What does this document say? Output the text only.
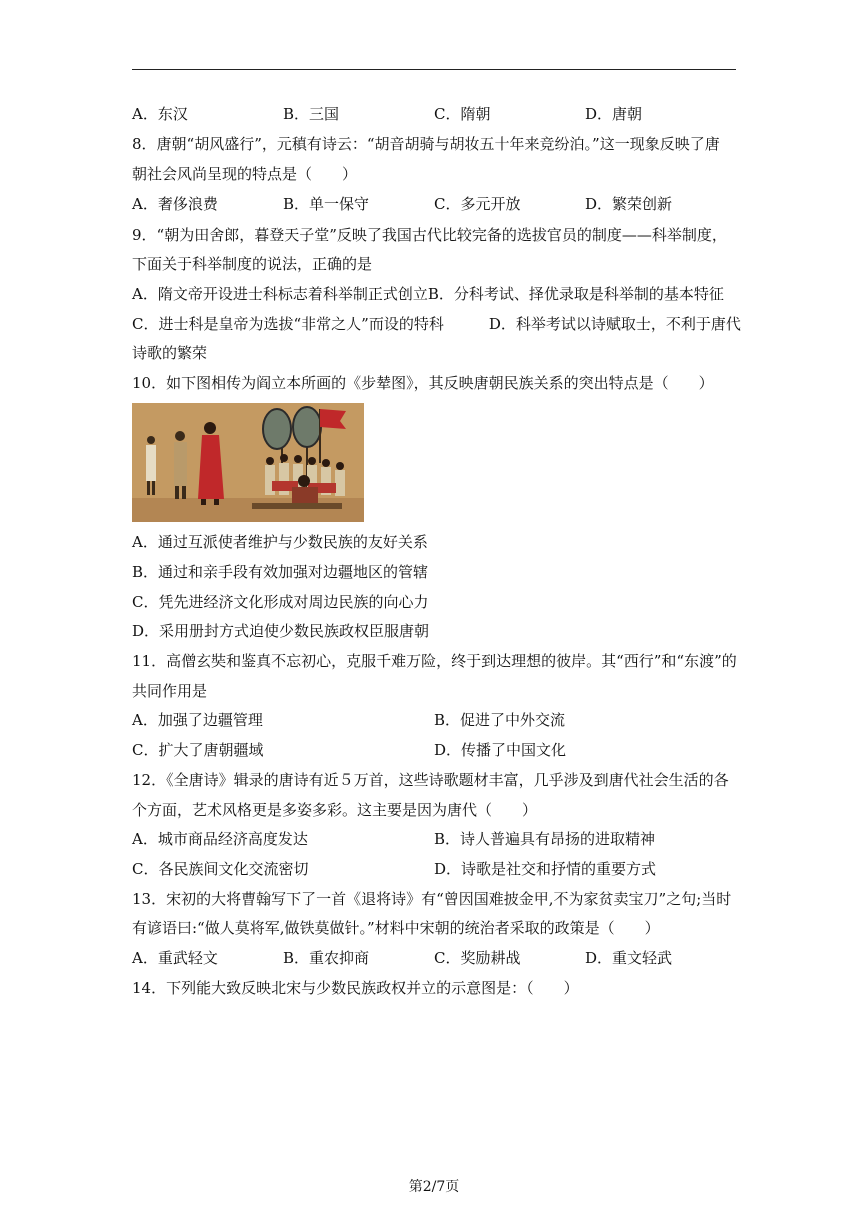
A．东汉	B．三国	C．隋朝	D．唐朝
8．唐朝“胡风盛行”，元稹有诗云：“胡音胡骑与胡妆五十年来竞纷泊。”这一现象反映了唐
朝社会风尚呈现的特点是（　　）
A．奢侈浪费	B．单一保守	C．多元开放	D．繁荣创新
9．“朝为田舍郎，暮登天子堂”反映了我国古代比较完备的选拔官员的制度——科举制度，
下面关于科举制度的说法，正确的是
A．隋文帝开设进士科标志着科举制正式创立B．分科考试、择优录取是科举制的基本特征
C．进士科是皇帝为选拔“非常之人”而设的特科　　　D．科举考试以诗赋取士，不利于唐代
诗歌的繁荣
10．如下图相传为阎立本所画的《步辇图》，其反映唐朝民族关系的突出特点是（　　）
A．通过互派使者维护与少数民族的友好关系
B．通过和亲手段有效加强对边疆地区的管辖
C．凭先进经济文化形成对周边民族的向心力
D．采用册封方式迫使少数民族政权臣服唐朝
11．高僧玄奘和鉴真不忘初心，克服千难万险，终于到达理想的彼岸。其“西行”和“东渡”的
共同作用是
A．加强了边疆管理	B．促进了中外交流
C．扩大了唐朝疆域	D．传播了中国文化
12．《全唐诗》辑录的唐诗有近５万首，这些诗歌题材丰富，几乎涉及到唐代社会生活的各
个方面，艺术风格更是多姿多彩。这主要是因为唐代（　　）
A．城市商品经济高度发达	B．诗人普遍具有昂扬的进取精神
C．各民族间文化交流密切	D．诗歌是社交和抒情的重要方式
13．宋初的大将曹翰写下了一首《退将诗》有“曾因国难披金甲,不为家贫卖宝刀”之句;当时
有谚语曰:“做人莫将军,做铁莫做针。”材料中宋朝的统治者采取的政策是（　　）
A．重武轻文	B．重农抑商	C．奖励耕战	D．重文轻武
14．下列能大致反映北宋与少数民族政权并立的示意图是：（　　）
第2/7页
